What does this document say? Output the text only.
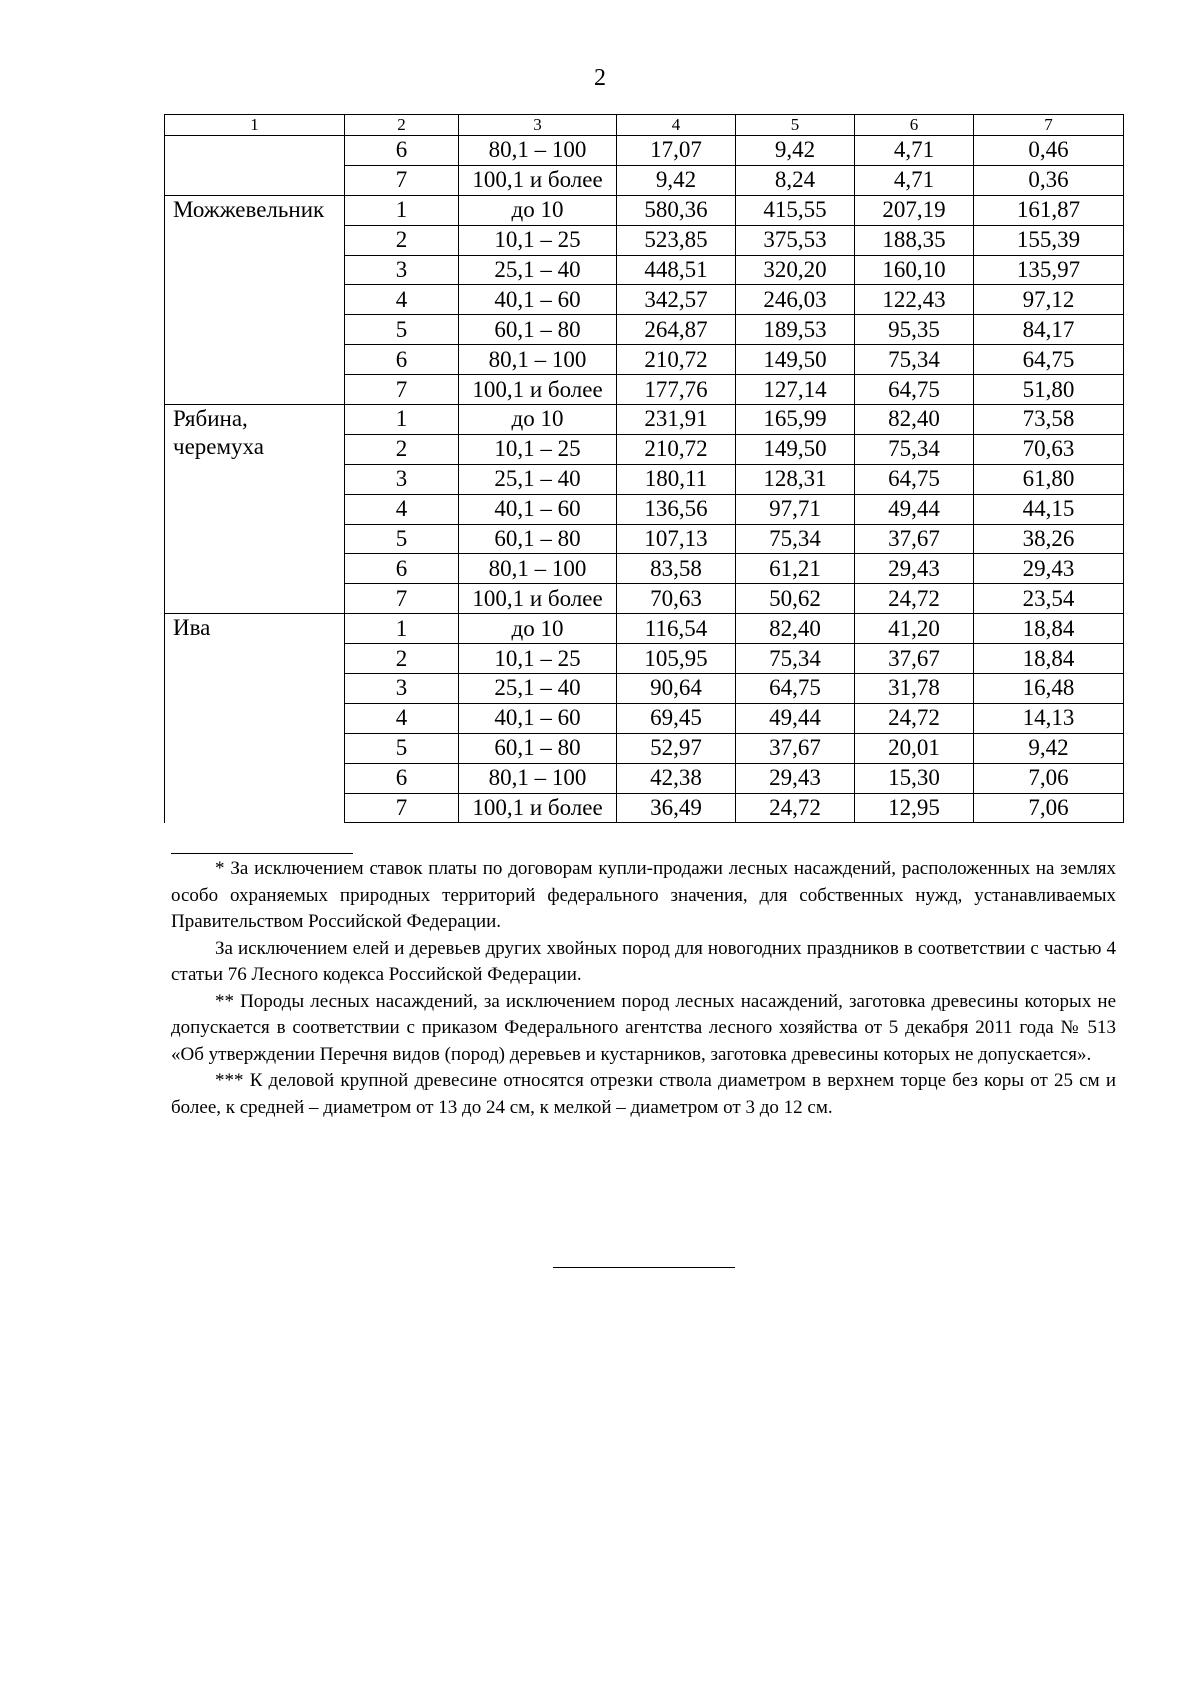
2
1	2	3	4	5	6	7
	6	80,1 – 100	17,07	9,42	4,71	0,46
	7	100,1 и более	9,42	8,24	4,71	0,36
Можжевельник	1	до 10	580,36	415,55	207,19	161,87
	2	10,1 – 25	523,85	375,53	188,35	155,39
	3	25,1 – 40	448,51	320,20	160,10	135,97
	4	40,1 – 60	342,57	246,03	122,43	97,12
	5	60,1 – 80	264,87	189,53	95,35	84,17
	6	80,1 – 100	210,72	149,50	75,34	64,75
	7	100,1 и более	177,76	127,14	64,75	51,80

Рябина,
черемуха	1	до 10	231,91	165,99	82,40	73,58
	2	10,1 – 25	210,72	149,50	75,34	70,63
	3	25,1 – 40	180,11	128,31	64,75	61,80
	4	40,1 – 60	136,56	97,71	49,44	44,15
	5	60,1 – 80	107,13	75,34	37,67	38,26
	6	80,1 – 100	83,58	61,21	29,43	29,43
	7	100,1 и более	70,63	50,62	24,72	23,54
Ива	1	до 10	116,54	82,40	41,20	18,84
	2	10,1 – 25	105,95	75,34	37,67	18,84
	3	25,1 – 40	90,64	64,75	31,78	16,48
	4	40,1 – 60	69,45	49,44	24,72	14,13
	5	60,1 – 80	52,97	37,67	20,01	9,42
	6	80,1 – 100	42,38	29,43	15,30	7,06
	7	100,1 и более	36,49	24,72	12,95	7,06

* За исключением ставок платы по договорам купли-продажи лесных насаждений, расположенных на землях особо охраняемых природных территорий федерального значения, для собственных нужд, устанавливаемых Правительством Российской Федерации.

За исключением елей и деревьев других хвойных пород для новогодних праздников в соответствии с частью 4 статьи 76 Лесного кодекса Российской Федерации.

** Породы лесных насаждений, за исключением пород лесных насаждений, заготовка древесины которых не допускается в соответствии с приказом Федерального агентства лесного хозяйства от 5 декабря 2011 года № 513 «Об утверждении Перечня видов (пород) деревьев и кустарников, заготовка древесины которых не допускается».

*** К деловой крупной древесине относятся отрезки ствола диаметром в верхнем торце без коры от 25 см и более, к средней – диаметром от 13 до 24 см, к мелкой – диаметром от 3 до 12 см.
